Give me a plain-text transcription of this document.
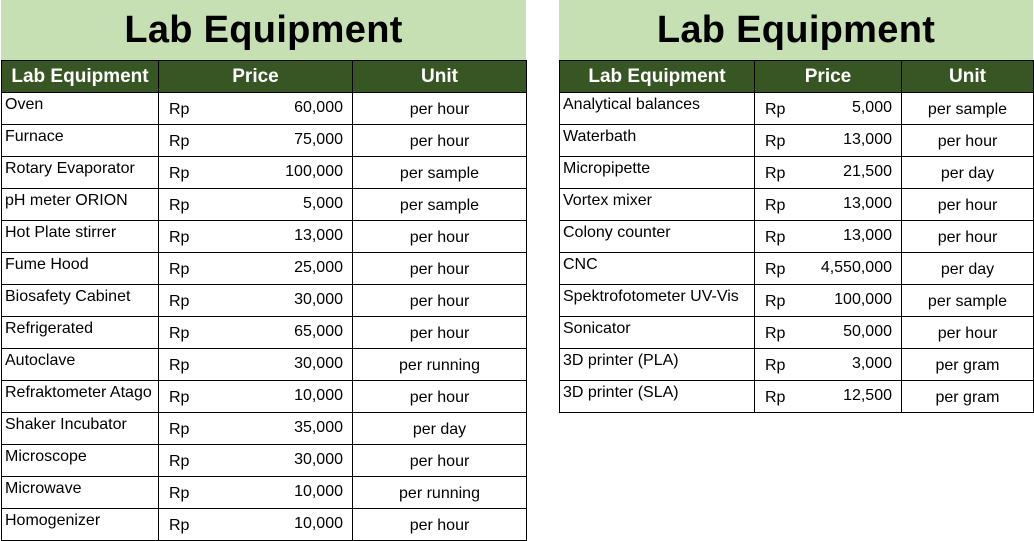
Lab Equipment
Lab Equipment	Price	Unit
Oven	Rp 60,000	per hour
Furnace	Rp 75,000	per hour
Rotary Evaporator	Rp 100,000	per sample
pH meter ORION	Rp 5,000	per sample
Hot Plate stirrer	Rp 13,000	per hour
Fume Hood	Rp 25,000	per hour
Biosafety Cabinet	Rp 30,000	per hour
Refrigerated	Rp 65,000	per hour
Autoclave	Rp 30,000	per running
Refraktometer Atago	Rp 10,000	per hour
Shaker Incubator	Rp 35,000	per day
Microscope	Rp 30,000	per hour
Microwave	Rp 10,000	per running
Homogenizer	Rp 10,000	per hour
Lab Equipment
Lab Equipment	Price	Unit
Analytical balances	Rp 5,000	per sample
Waterbath	Rp 13,000	per hour
Micropipette	Rp 21,500	per day
Vortex mixer	Rp 13,000	per hour
Colony counter	Rp 13,000	per hour
CNC	Rp 4,550,000	per day
Spektrofotometer UV-Vis	Rp 100,000	per sample
Sonicator	Rp 50,000	per hour
3D printer (PLA)	Rp 3,000	per gram
3D printer (SLA)	Rp 12,500	per gram
